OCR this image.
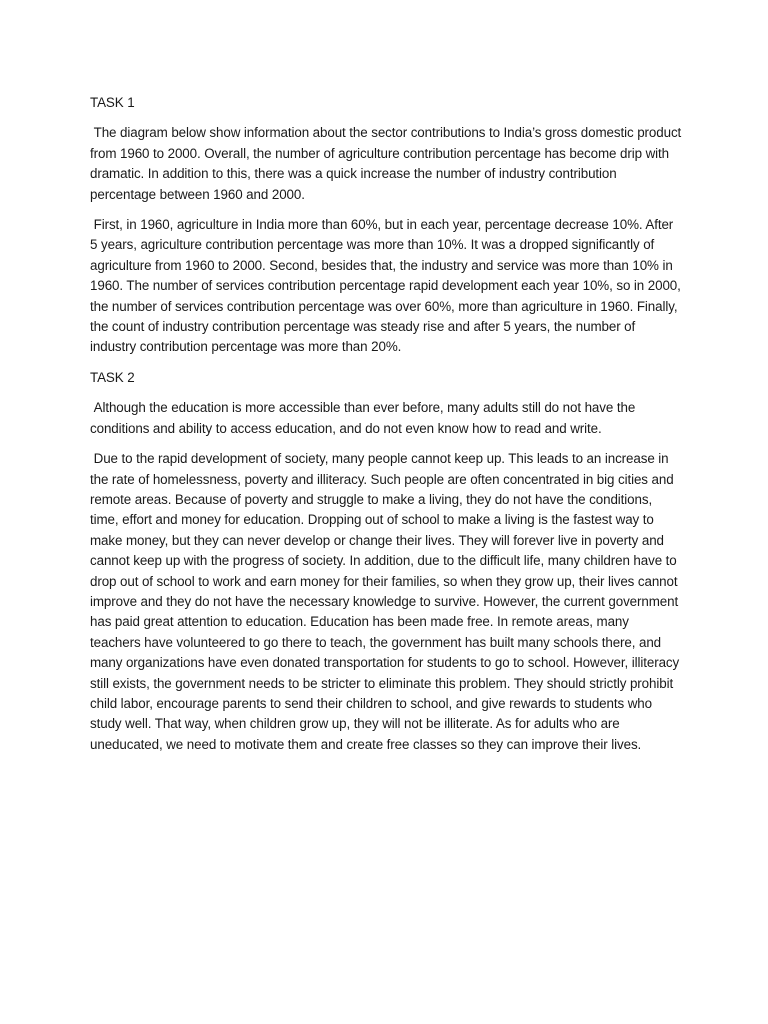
TASK 1

The diagram below show information about the sector contributions to India’s gross domestic product from 1960 to 2000. Overall, the number of agriculture contribution percentage has become drip with dramatic. In addition to this, there was a quick increase the number of industry contribution percentage between 1960 and 2000.

First, in 1960, agriculture in India more than 60%, but in each year, percentage decrease 10%. After 5 years, agriculture contribution percentage was more than 10%. It was a dropped significantly of agriculture from 1960 to 2000. Second, besides that, the industry and service was more than 10% in 1960. The number of services contribution percentage rapid development each year 10%, so in 2000, the number of services contribution percentage was over 60%, more than agriculture in 1960. Finally, the count of industry contribution percentage was steady rise and after 5 years, the number of industry contribution percentage was more than 20%.

TASK 2

Although the education is more accessible than ever before, many adults still do not have the conditions and ability to access education, and do not even know how to read and write.

Due to the rapid development of society, many people cannot keep up. This leads to an increase in the rate of homelessness, poverty and illiteracy. Such people are often concentrated in big cities and remote areas. Because of poverty and struggle to make a living, they do not have the conditions, time, effort and money for education. Dropping out of school to make a living is the fastest way to make money, but they can never develop or change their lives. They will forever live in poverty and cannot keep up with the progress of society. In addition, due to the difficult life, many children have to drop out of school to work and earn money for their families, so when they grow up, their lives cannot improve and they do not have the necessary knowledge to survive. However, the current government has paid great attention to education. Education has been made free. In remote areas, many teachers have volunteered to go there to teach, the government has built many schools there, and many organizations have even donated transportation for students to go to school. However, illiteracy still exists, the government needs to be stricter to eliminate this problem. They should strictly prohibit child labor, encourage parents to send their children to school, and give rewards to students who study well. That way, when children grow up, they will not be illiterate. As for adults who are uneducated, we need to motivate them and create free classes so they can improve their lives.
